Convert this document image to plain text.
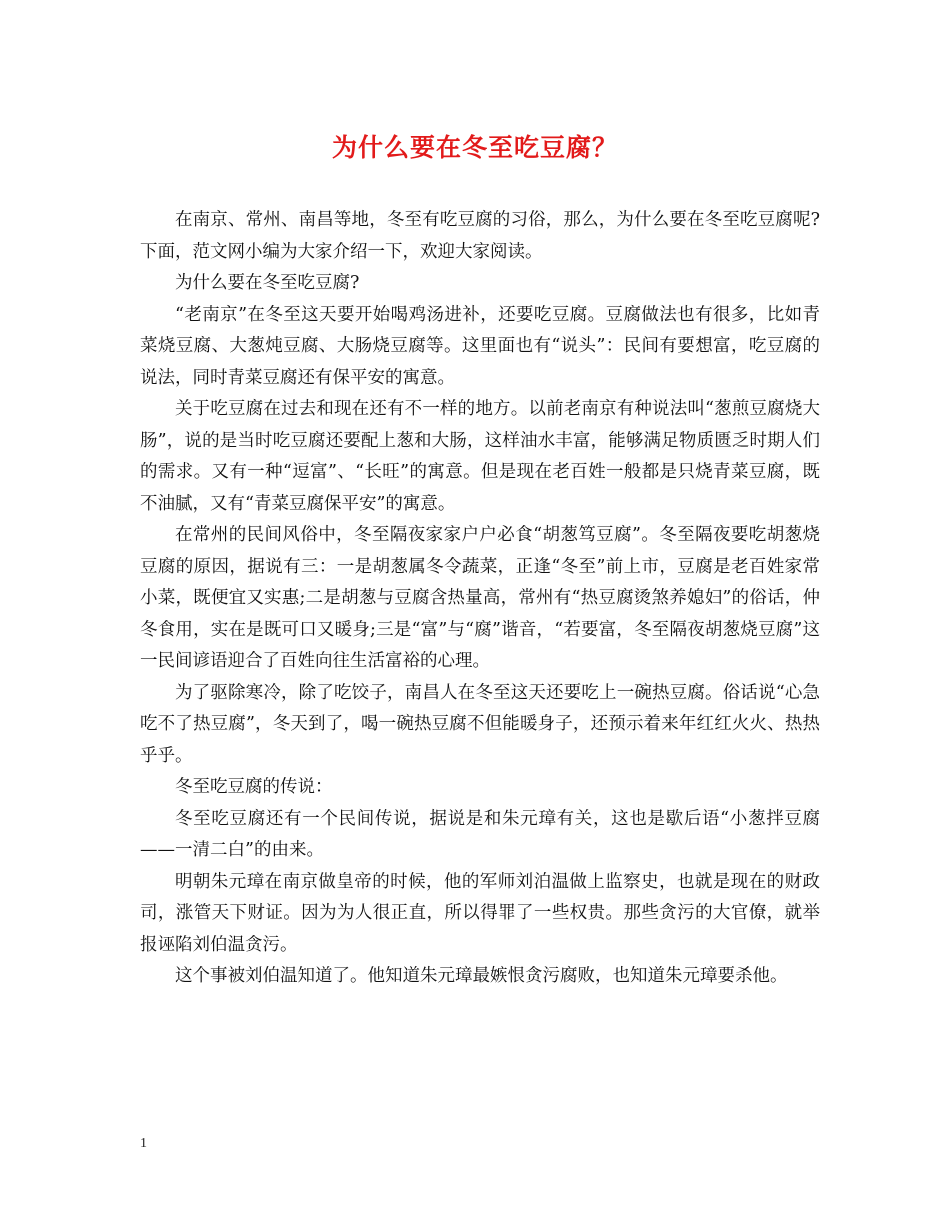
为什么要在冬至吃豆腐？

在南京、常州、南昌等地，冬至有吃豆腐的习俗，那么，为什么要在冬至吃豆腐呢?下面，范文网小编为大家介绍一下，欢迎大家阅读。

为什么要在冬至吃豆腐?

“老南京”在冬至这天要开始喝鸡汤进补，还要吃豆腐。豆腐做法也有很多，比如青菜烧豆腐、大葱炖豆腐、大肠烧豆腐等。这里面也有“说头”：民间有要想富，吃豆腐的说法，同时青菜豆腐还有保平安的寓意。

关于吃豆腐在过去和现在还有不一样的地方。以前老南京有种说法叫“葱煎豆腐烧大肠”，说的是当时吃豆腐还要配上葱和大肠，这样油水丰富，能够满足物质匮乏时期人们的需求。又有一种“逗富”、“长旺”的寓意。但是现在老百姓一般都是只烧青菜豆腐，既不油腻，又有“青菜豆腐保平安”的寓意。

在常州的民间风俗中，冬至隔夜家家户户必食“胡葱笃豆腐”。冬至隔夜要吃胡葱烧豆腐的原因，据说有三：一是胡葱属冬令蔬菜，正逢“冬至”前上市，豆腐是老百姓家常小菜，既便宜又实惠;二是胡葱与豆腐含热量高，常州有“热豆腐烫煞养媳妇”的俗话，仲冬食用，实在是既可口又暖身;三是“富”与“腐”谐音，“若要富，冬至隔夜胡葱烧豆腐”这一民间谚语迎合了百姓向往生活富裕的心理。

为了驱除寒冷，除了吃饺子，南昌人在冬至这天还要吃上一碗热豆腐。俗话说“心急吃不了热豆腐”，冬天到了，喝一碗热豆腐不但能暖身子，还预示着来年红红火火、热热乎乎。

冬至吃豆腐的传说：

冬至吃豆腐还有一个民间传说，据说是和朱元璋有关，这也是歇后语“小葱拌豆腐——一清二白”的由来。

明朝朱元璋在南京做皇帝的时候，他的军师刘泊温做上监察史，也就是现在的财政司，涨管天下财证。因为为人很正直，所以得罪了一些权贵。那些贪污的大官僚，就举报诬陷刘伯温贪污。

这个事被刘伯温知道了。他知道朱元璋最嫉恨贪污腐败，也知道朱元璋要杀他。

1
